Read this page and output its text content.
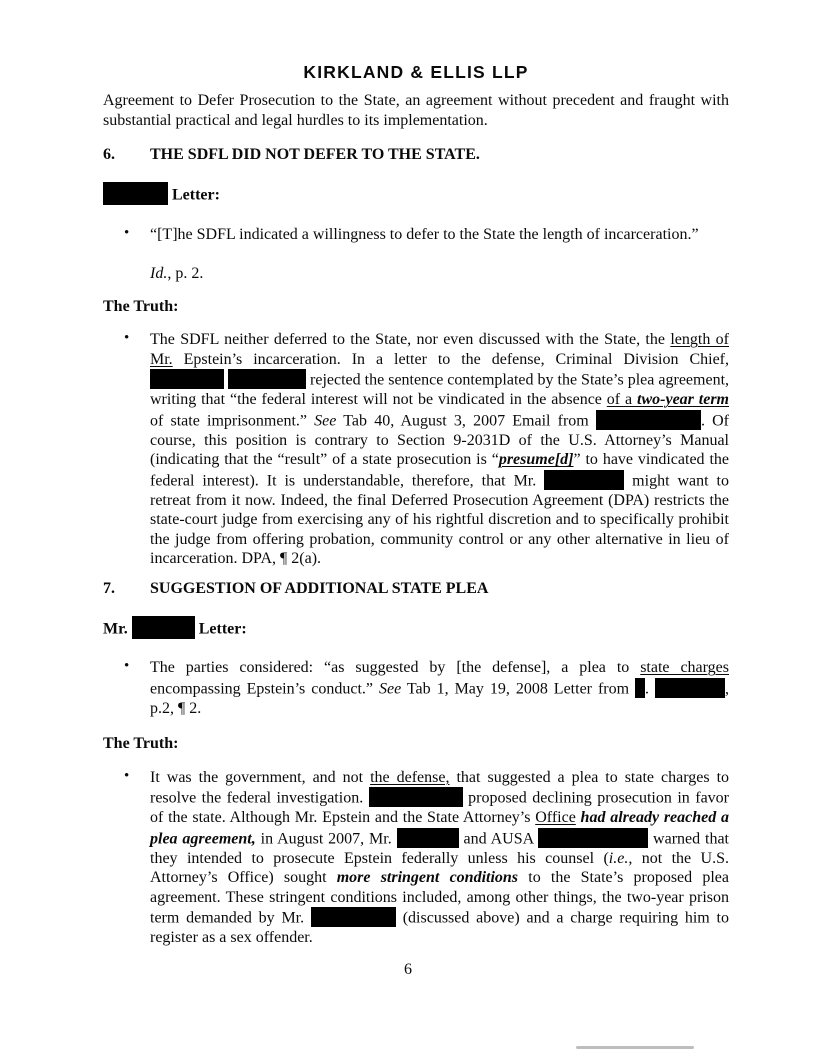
KIRKLAND & ELLIS LLP

Agreement to Defer Prosecution to the State, an agreement without precedent and fraught with substantial practical and legal hurdles to its implementation.

6.	THE SDFL DID NOT DEFER TO THE STATE.
Letter:
• “[T]he SDFL indicated a willingness to defer to the State the length of incarceration.”
Id., p. 2.
The Truth:
• The SDFL neither deferred to the State, nor even discussed with the State, the length of Mr. Epstein’s incarceration. In a letter to the defense, Criminal Division Chief,   rejected the sentence contemplated by the State’s plea agreement, writing that “the federal interest will not be vindicated in the absence of a two-year term of state imprisonment.” See Tab 40, August 3, 2007 Email from	. Of course, this position is contrary to Section 9-2031D of the U.S. Attorney’s Manual (indicating that the “result” of a state prosecution is “presume[d]” to have vindicated the federal interest). It is understandable, therefore, that Mr.	might want to retreat from it now. Indeed, the final Deferred Prosecution Agreement (DPA) restricts the state-court judge from exercising any of his rightful discretion and to specifically prohibit the judge from offering probation, community control or any other alternative in lieu of incarceration. DPA, ¶ 2(a).
7.	SUGGESTION OF ADDITIONAL STATE PLEA
Mr.	Letter:
• The parties considered: “as suggested by [the defense], a plea to state charges encompassing Epstein’s conduct.” See Tab 1, May 19, 2008 Letter from .	, p.2, ¶ 2.
The Truth:
• It was the government, and not the defense, that suggested a plea to state charges to resolve the federal investigation.	proposed declining prosecution in favor of the state. Although Mr. Epstein and the State Attorney’s Office had already reached a plea agreement, in August 2007, Mr.	and AUSA	warned that they intended to prosecute Epstein federally unless his counsel (i.e., not the U.S. Attorney’s Office) sought more stringent conditions to the State’s proposed plea agreement. These stringent conditions included, among other things, the two-year prison term demanded by Mr.	(discussed above) and a charge requiring him to register as a sex offender.
6
